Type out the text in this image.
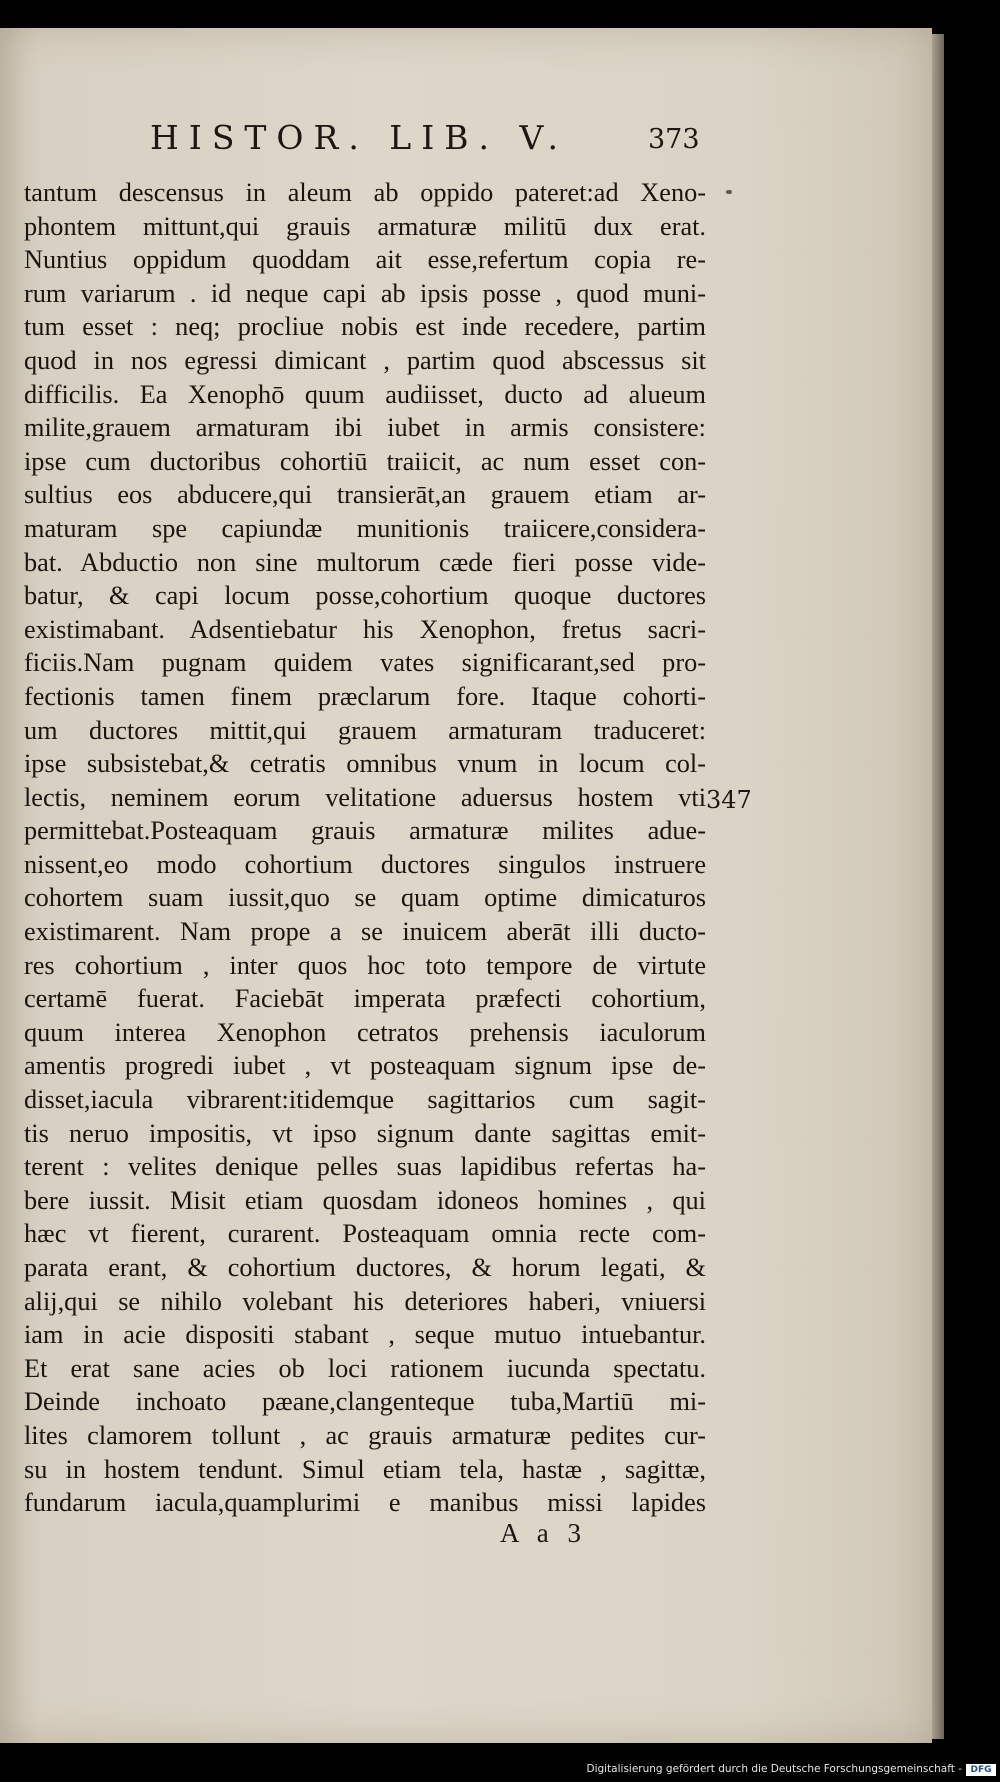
HISTOR. LIB. V.	373
tantum descensus in aleum ab oppido pateret:ad Xeno-
phontem mittunt,qui grauis armaturæ militū dux erat.
Nuntius oppidum quoddam ait esse,refertum copia re-
rum variarum . id neque capi ab ipsis posse , quod muni-
tum esset : neq; procliue nobis est inde recedere, partim
quod in nos egressi dimicant , partim quod abscessus sit
difficilis. Ea Xenophō quum audiisset, ducto ad alueum
milite,grauem armaturam ibi iubet in armis consistere:
ipse cum ductoribus cohortiū traiicit, ac num esset con-
sultius eos abducere,qui transierāt,an grauem etiam ar-
maturam spe capiundæ munitionis traiicere,considera-
bat. Abductio non sine multorum cæde fieri posse vide-
batur, & capi locum posse,cohortium quoque ductores
existimabant. Adsentiebatur his Xenophon, fretus sacri-
ficiis.Nam pugnam quidem vates significarant,sed pro-
fectionis tamen finem præclarum fore. Itaque cohorti-
um ductores mittit,qui grauem armaturam traduceret:
ipse subsistebat,& cetratis omnibus vnum in locum col-
lectis, neminem eorum velitatione aduersus hostem vti
permittebat.Posteaquam grauis armaturæ milites adue-
nissent,eo modo cohortium ductores singulos instruere
cohortem suam iussit,quo se quam optime dimicaturos
existimarent. Nam prope a se inuicem aberāt illi ducto-
res cohortium , inter quos hoc toto tempore de virtute
certamē fuerat. Faciebāt imperata præfecti cohortium,
quum interea Xenophon cetratos prehensis iaculorum
amentis progredi iubet , vt posteaquam signum ipse de-
disset,iacula vibrarent:itidemque sagittarios cum sagit-
tis neruo impositis, vt ipso signum dante sagittas emit-
terent : velites denique pelles suas lapidibus refertas ha-
bere iussit. Misit etiam quosdam idoneos homines , qui
hæc vt fierent, curarent. Posteaquam omnia recte com-
parata erant, & cohortium ductores, & horum legati, &
alij,qui se nihilo volebant his deteriores haberi, vniuersi
iam in acie dispositi stabant , seque mutuo intuebantur.
Et erat sane acies ob loci rationem iucunda spectatu.
Deinde inchoato pæane,clangenteque tuba,Martiū mi-
lites clamorem tollunt , ac grauis armaturæ pedites cur-
su in hostem tendunt. Simul etiam tela, hastæ , sagittæ,
fundarum iacula,quamplurimi e manibus missi lapides
347
A a 3
Digitalisierung gefördert durch die Deutsche Forschungsgemeinschaft - DFG
